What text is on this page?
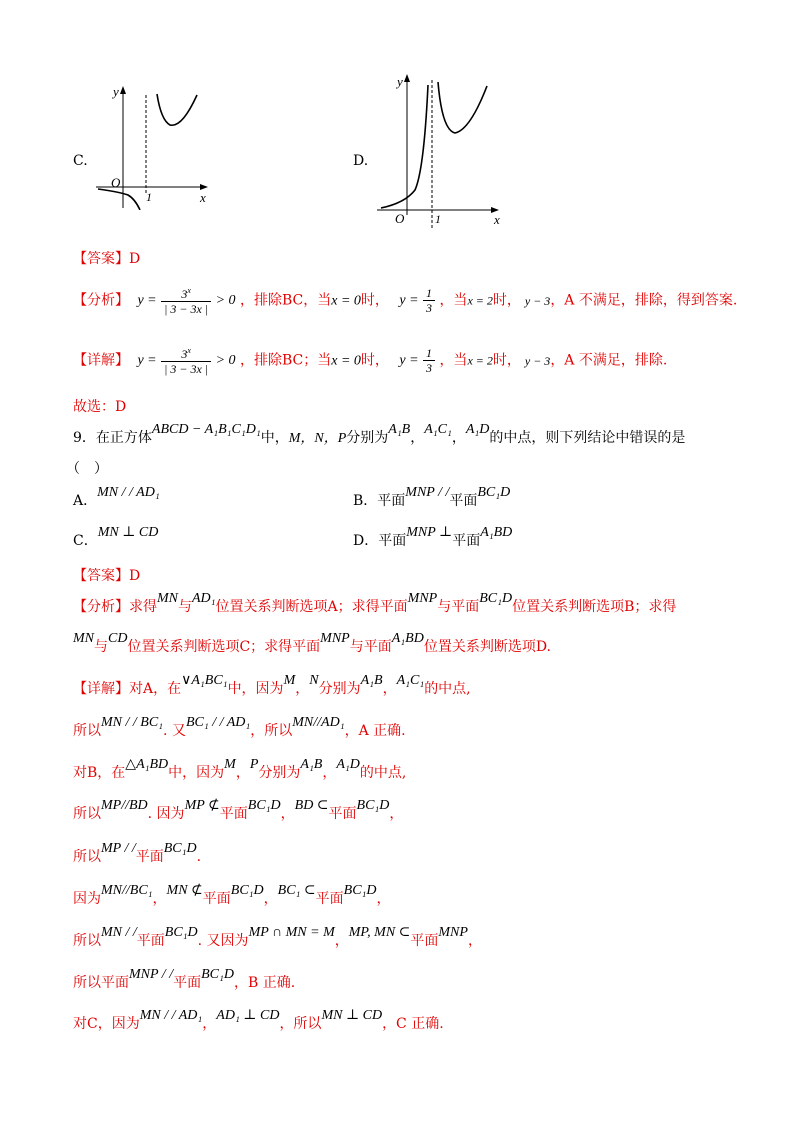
C.
y
x
O
1
D.
y
x
O	1
【答案】D
【分析】 $y = \frac{3^x}{| 3 - 3x |} > 0$ ，排除BC，当x = 0时， $y = \frac{1}{3}$ ，当x = 2时， y − 3，A 不满足，排除，得到答案.
【详解】 $y = \frac{3^x}{| 3 - 3x |} > 0$ ，排除BC；当x = 0时， $y = \frac{1}{3}$ ，当x = 2时， y − 3，A 不满足，排除.
故选：D
9．在正方体ABCD − A₁B₁C₁D₁中，M，N，P分别为A₁B，A₁C₁，A₁D的中点，则下列结论中错误的是
（　）
A．MN / / AD₁
B．平面MNP / /平面BC₁D
C．MN ⊥ CD
D．平面MNP ⊥平面A₁BD
【答案】D
【分析】求得MN与AD₁位置关系判断选项A；求得平面MNP与平面BC₁D位置关系判断选项B；求得
MN与CD位置关系判断选项C；求得平面MNP与平面A₁BD位置关系判断选项D.
【详解】对A，在∨A₁BC₁中，因为M，N分别为A₁B，A₁C₁的中点,
所以MN / / BC₁. 又BC₁ / / AD₁，所以MN//AD₁，A 正确.
对B，在△A₁BD中，因为M，P分别为A₁B，A₁D的中点,
所以MP//BD. 因为MP ⊄平面BC₁D，BD ⊂平面BC₁D，
所以MP / /平面BC₁D.
因为MN//BC₁，MN ⊄平面BC₁D，BC₁ ⊂平面BC₁D，
所以MN / /平面BC₁D. 又因为MP ∩ MN = M，MP, MN ⊂平面MNP，
所以平面MNP / /平面BC₁D，B 正确.
对C，因为MN / / AD₁，AD₁ ⊥ CD，所以MN ⊥ CD，C 正确.
